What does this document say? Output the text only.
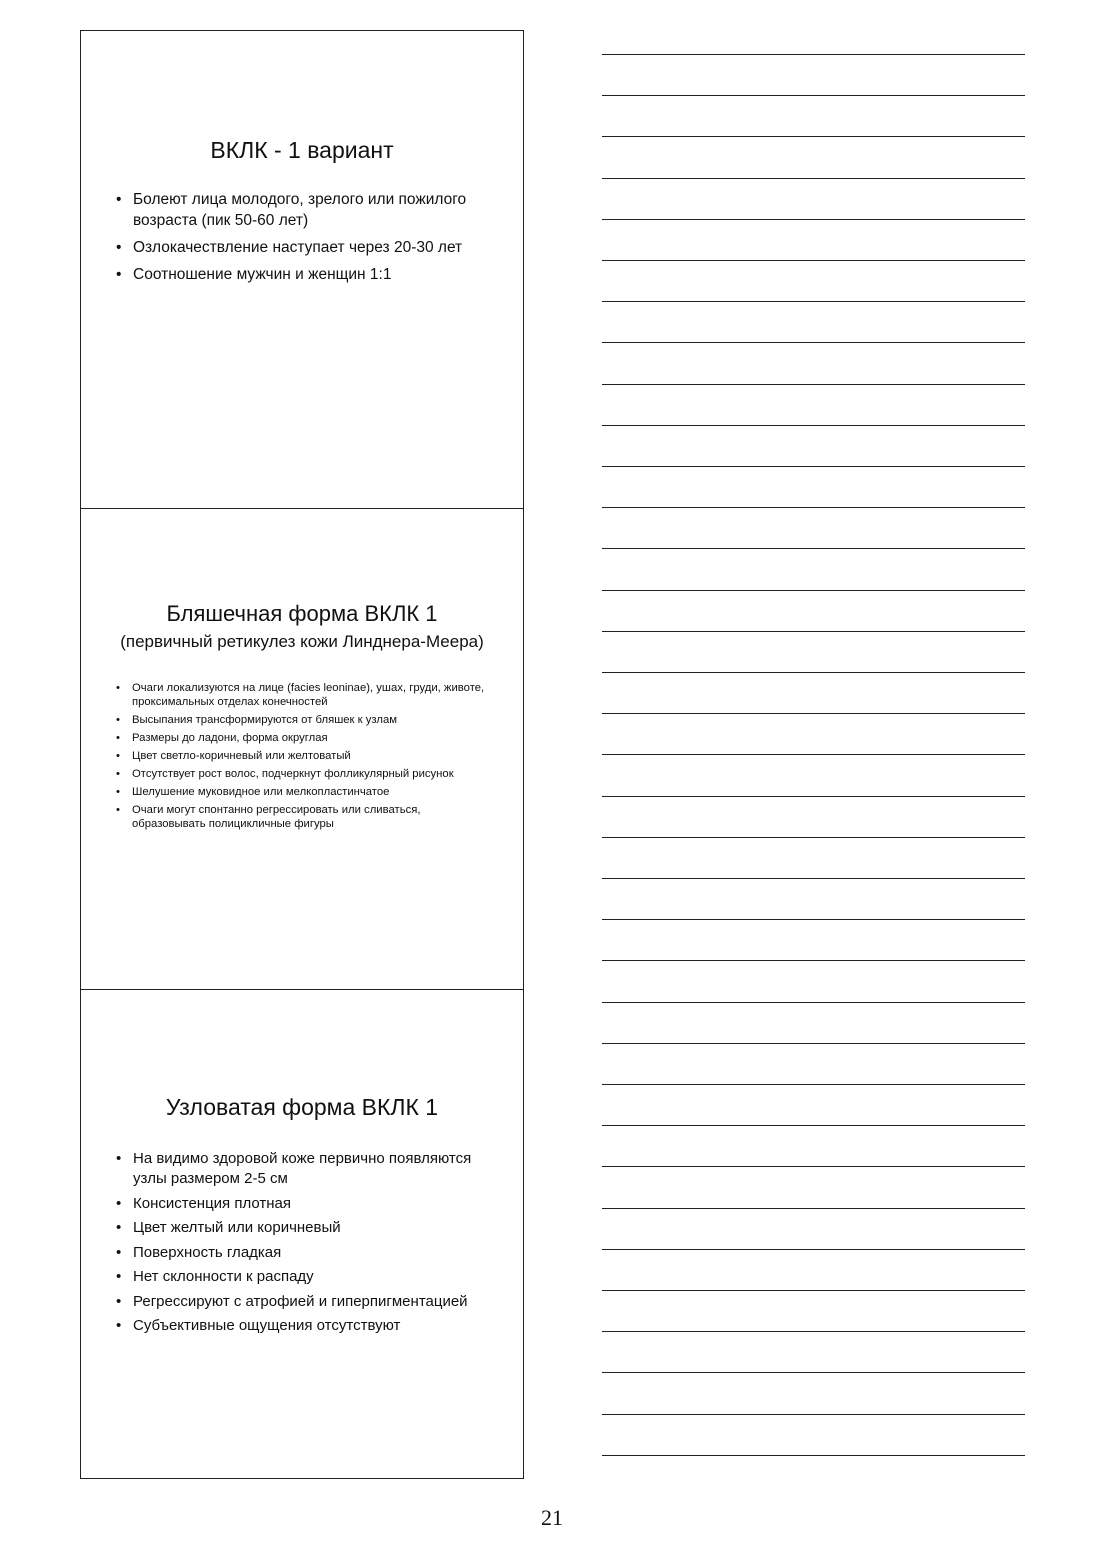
ВКЛК - 1 вариант
• Болеют лица молодого, зрелого или пожилого возраста (пик 50-60 лет)
• Озлокачествление наступает через 20-30 лет
• Соотношение мужчин и женщин 1:1
Бляшечная форма ВКЛК 1
(первичный ретикулез кожи Линднера-Меера)
• Очаги локализуются на лице (facies leoninae), ушах, груди, животе, проксимальных отделах конечностей
• Высыпания трансформируются от бляшек к узлам
• Размеры до ладони, форма округлая
• Цвет светло-коричневый или желтоватый
• Отсутствует рост волос, подчеркнут фолликулярный рисунок
• Шелушение муковидное или мелкопластинчатое
• Очаги могут спонтанно регрессировать или сливаться, образовывать полицикличные фигуры
Узловатая форма ВКЛК 1
• На видимо здоровой коже первично появляются узлы размером 2-5 см
• Консистенция плотная
• Цвет желтый или коричневый
• Поверхность гладкая
• Нет склонности к распаду
• Регрессируют с атрофией и гиперпигментацией
• Субъективные ощущения отсутствуют
21
